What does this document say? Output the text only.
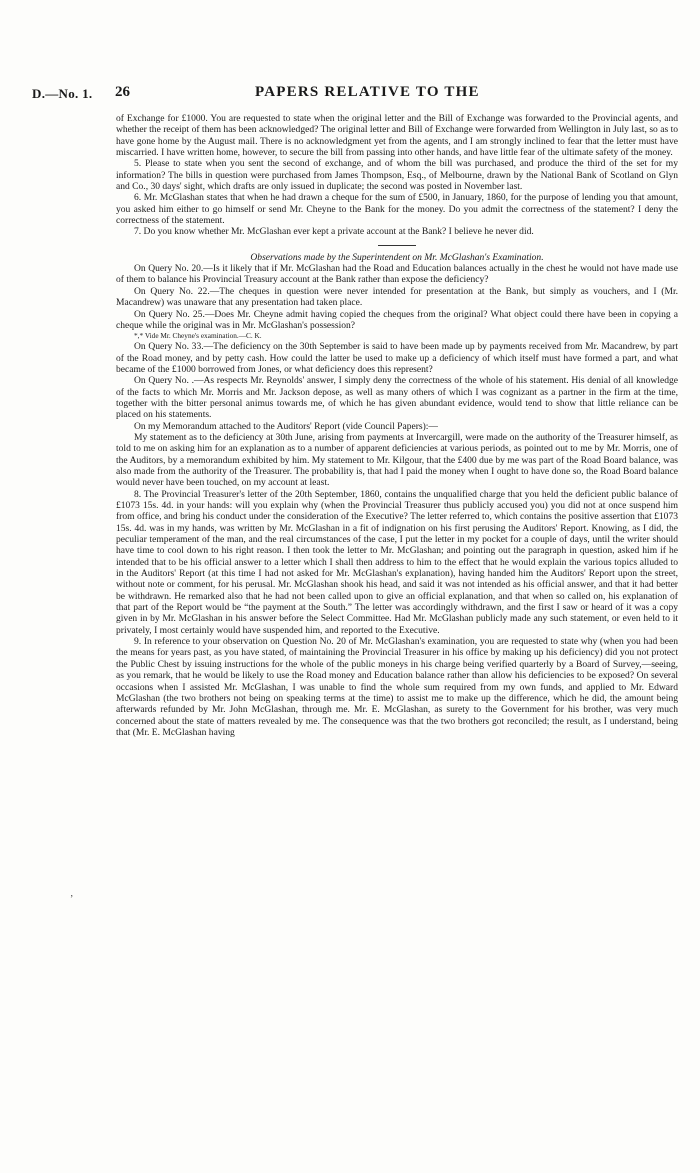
D.—No. 1. 26	PAPERS RELATIVE TO THE
ʼ

of Exchange for £1000. You are requested to state when the original letter and the Bill of Exchange was forwarded to the Provincial agents, and whether the receipt of them has been acknowledged? The original letter and Bill of Exchange were forwarded from Wellington in July last, so as to have gone home by the August mail. There is no acknowledgment yet from the agents, and I am strongly inclined to fear that the letter must have miscarried. I have written home, however, to secure the bill from passing into other hands, and have little fear of the ultimate safety of the money.

5. Please to state when you sent the second of exchange, and of whom the bill was purchased, and produce the third of the set for my information? The bills in question were purchased from James Thompson, Esq., of Melbourne, drawn by the National Bank of Scotland on Glyn and Co., 30 days' sight, which drafts are only issued in duplicate; the second was posted in November last.

6. Mr. McGlashan states that when he had drawn a cheque for the sum of £500, in January, 1860, for the purpose of lending you that amount, you asked him either to go himself or send Mr. Cheyne to the Bank for the money. Do you admit the correctness of the statement? I deny the correctness of the statement.

7. Do you know whether Mr. McGlashan ever kept a private account at the Bank? I believe he never did.

Observations made by the Superintendent on Mr. McGlashan's Examination.

On Query No. 20.—Is it likely that if Mr. McGlashan had the Road and Education balances actually in the chest he would not have made use of them to balance his Provincial Treasury account at the Bank rather than expose the deficiency?

On Query No. 22.—The cheques in question were never intended for presentation at the Bank, but simply as vouchers, and I (Mr. Macandrew) was unaware that any presentation had taken place.

On Query No. 25.—Does Mr. Cheyne admit having copied the cheques from the original? What object could there have been in copying a cheque while the original was in Mr. McGlashan's possession?

*,* Vide Mr. Cheyne's examination.—C. K.

On Query No. 33.—The deficiency on the 30th September is said to have been made up by payments received from Mr. Macandrew, by part of the Road money, and by petty cash. How could the latter be used to make up a deficiency of which itself must have formed a part, and what became of the £1000 borrowed from Jones, or what deficiency does this represent?

On Query No. .—As respects Mr. Reynolds' answer, I simply deny the correctness of the whole of his statement. His denial of all knowledge of the facts to which Mr. Morris and Mr. Jackson depose, as well as many others of which I was cognizant as a partner in the firm at the time, together with the bitter personal animus towards me, of which he has given abundant evidence, would tend to show that little reliance can be placed on his statements.

On my Memorandum attached to the Auditors' Report (vide Council Papers):—

My statement as to the deficiency at 30th June, arising from payments at Invercargill, were made on the authority of the Treasurer himself, as told to me on asking him for an explanation as to a number of apparent deficiencies at various periods, as pointed out to me by Mr. Morris, one of the Auditors, by a memorandum exhibited by him. My statement to Mr. Kilgour, that the £400 due by me was part of the Road Board balance, was also made from the authority of the Treasurer. The probability is, that had I paid the money when I ought to have done so, the Road Board balance would never have been touched, on my account at least.

8. The Provincial Treasurer's letter of the 20th September, 1860, contains the unqualified charge that you held the deficient public balance of £1073 15s. 4d. in your hands: will you explain why (when the Provincial Treasurer thus publicly accused you) you did not at once suspend him from office, and bring his conduct under the consideration of the Executive? The letter referred to, which contains the positive assertion that £1073 15s. 4d. was in my hands, was written by Mr. McGlashan in a fit of indignation on his first perusing the Auditors' Report. Knowing, as I did, the peculiar temperament of the man, and the real circumstances of the case, I put the letter in my pocket for a couple of days, until the writer should have time to cool down to his right reason. I then took the letter to Mr. McGlashan; and pointing out the paragraph in question, asked him if he intended that to be his official answer to a letter which I shall then address to him to the effect that he would explain the various topics alluded to in the Auditors' Report (at this time I had not asked for Mr. McGlashan's explanation), having handed him the Auditors' Report upon the street, without note or comment, for his perusal. Mr. McGlashan shook his head, and said it was not intended as his official answer, and that it had better be withdrawn. He remarked also that he had not been called upon to give an official explanation, and that when so called on, his explanation of that part of the Report would be “the payment at the South.” The letter was accordingly withdrawn, and the first I saw or heard of it was a copy given in by Mr. McGlashan in his answer before the Select Committee. Had Mr. McGlashan publicly made any such statement, or even held to it privately, I most certainly would have suspended him, and reported to the Executive.

9. In reference to your observation on Question No. 20 of Mr. McGlashan's examination, you are requested to state why (when you had been the means for years past, as you have stated, of maintaining the Provincial Treasurer in his office by making up his deficiency) did you not protect the Public Chest by issuing instructions for the whole of the public moneys in his charge being verified quarterly by a Board of Survey,—seeing, as you remark, that he would be likely to use the Road money and Education balance rather than allow his deficiencies to be exposed? On several occasions when I assisted Mr. McGlashan, I was unable to find the whole sum required from my own funds, and applied to Mr. Edward McGlashan (the two brothers not being on speaking terms at the time) to assist me to make up the difference, which he did, the amount being afterwards refunded by Mr. John McGlashan, through me. Mr. E. McGlashan, as surety to the Government for his brother, was very much concerned about the state of matters revealed by me. The consequence was that the two brothers got reconciled; the result, as I understand, being that (Mr. E. McGlashan having
